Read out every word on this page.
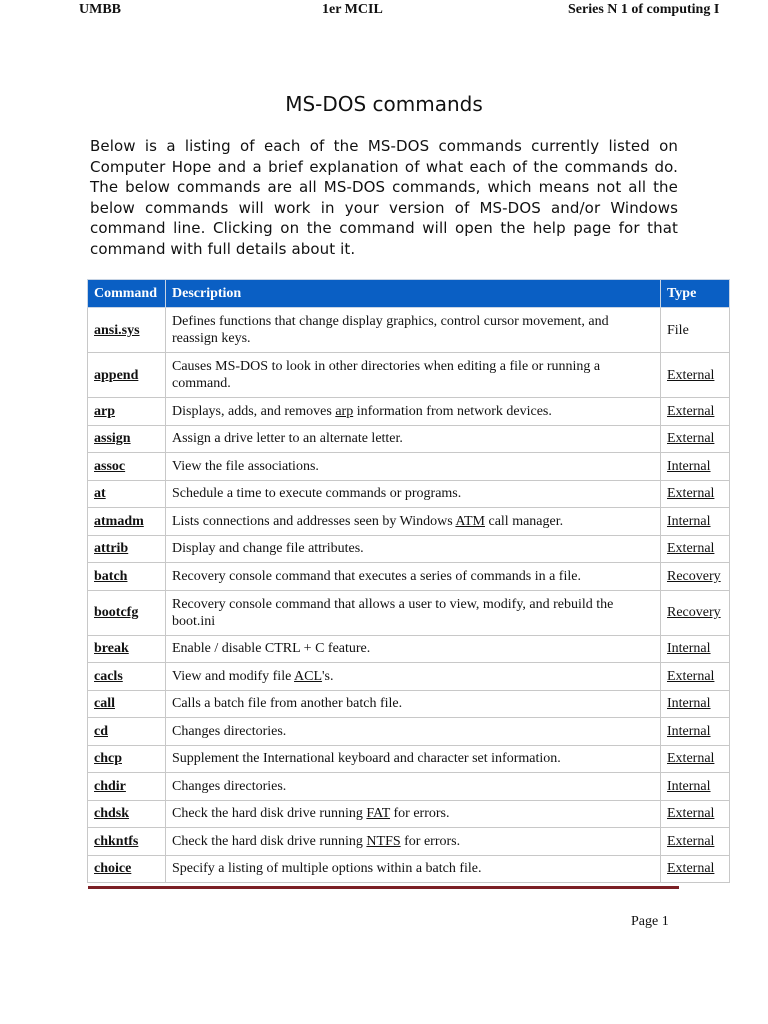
UMBB	1er MCIL	Series N 1 of computing I
MS-DOS commands

Below is a listing of each of the MS-DOS commands currently listed on Computer Hope and a brief explanation of what each of the commands do. The below commands are all MS-DOS commands, which means not all the below commands will work in your version of MS-DOS and/or Windows command line. Clicking on the command will open the help page for that command with full details about it.

Command	Description	Type
ansi.sys	Defines functions that change display graphics, control cursor movement, and reassign keys.	File
append	Causes MS-DOS to look in other directories when editing a file or running a command.	External
arp	Displays, adds, and removes arp information from network devices.	External
assign	Assign a drive letter to an alternate letter.	External
assoc	View the file associations.	Internal
at	Schedule a time to execute commands or programs.	External
atmadm	Lists connections and addresses seen by Windows ATM call manager.	Internal
attrib	Display and change file attributes.	External
batch	Recovery console command that executes a series of commands in a file.	Recovery
bootcfg	Recovery console command that allows a user to view, modify, and rebuild the boot.ini	Recovery
break	Enable / disable CTRL + C feature.	Internal
cacls	View and modify file ACL's.	External
call	Calls a batch file from another batch file.	Internal
cd	Changes directories.	Internal
chcp	Supplement the International keyboard and character set information.	External
chdir	Changes directories.	Internal
chdsk	Check the hard disk drive running FAT for errors.	External
chkntfs	Check the hard disk drive running NTFS for errors.	External
choice	Specify a listing of multiple options within a batch file.	External
Page 1
